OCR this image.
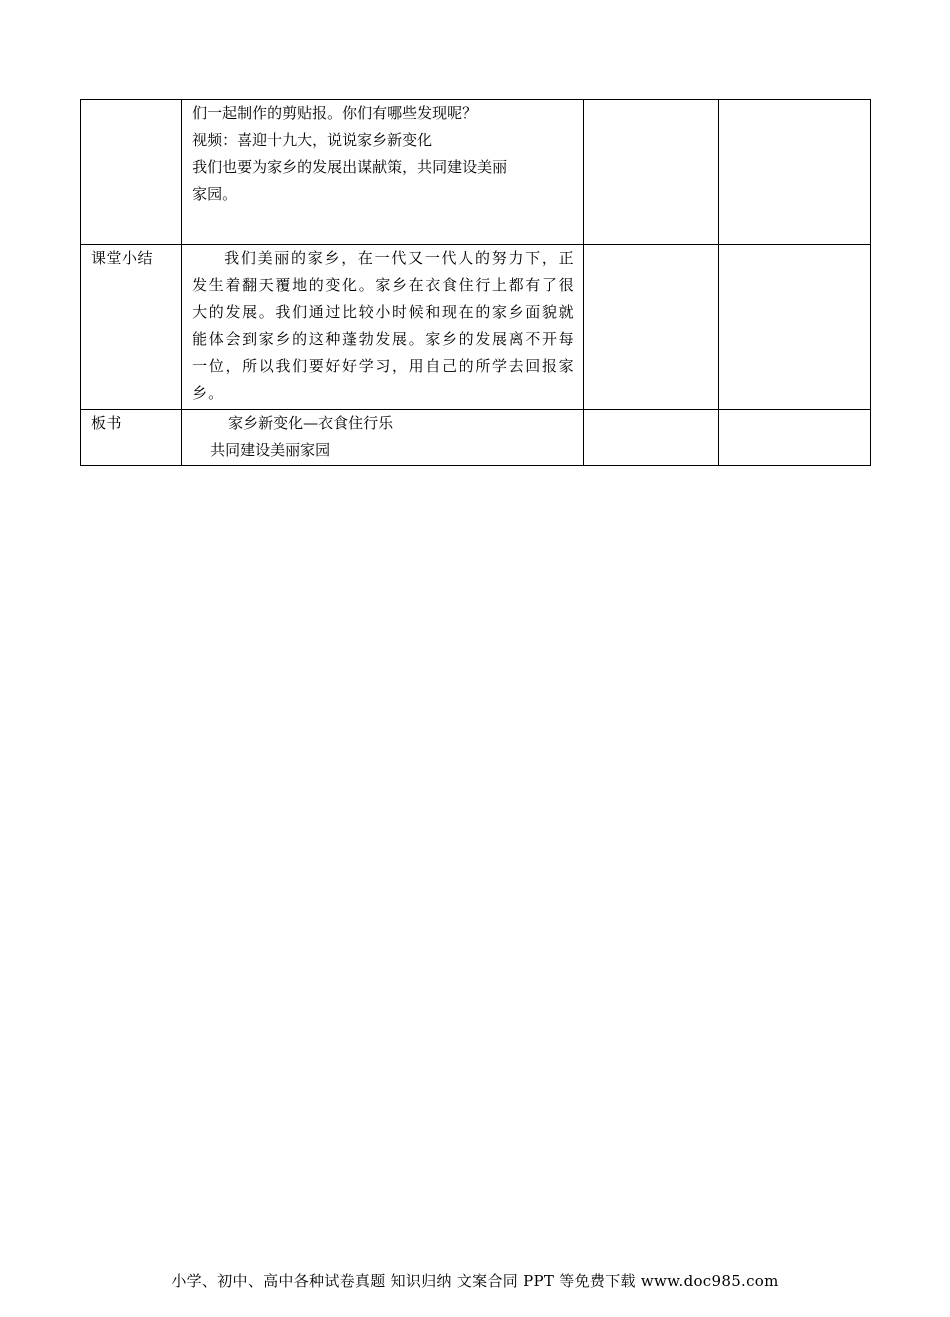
	们一起制作的剪贴报。你们有哪些发现呢？
视频：喜迎十九大，说说家乡新变化
我们也要为家乡的发展出谋献策，共同建设美丽
家园。		

课堂小结	我们美丽的家乡，在一代又一代人的努力下，正发生着翻天覆地的变化。家乡在衣食住行上都有了很大的发展。我们通过比较小时候和现在的家乡面貌就能体会到家乡的这种蓬勃发展。家乡的发展离不开每一位，所以我们要好好学习，用自己的所学去回报家乡。		

板书	家乡新变化—衣食住行乐
共同建设美丽家园		

小学、初中、高中各种试卷真题 知识归纳 文案合同 PPT 等免费下载 www.doc985.com
